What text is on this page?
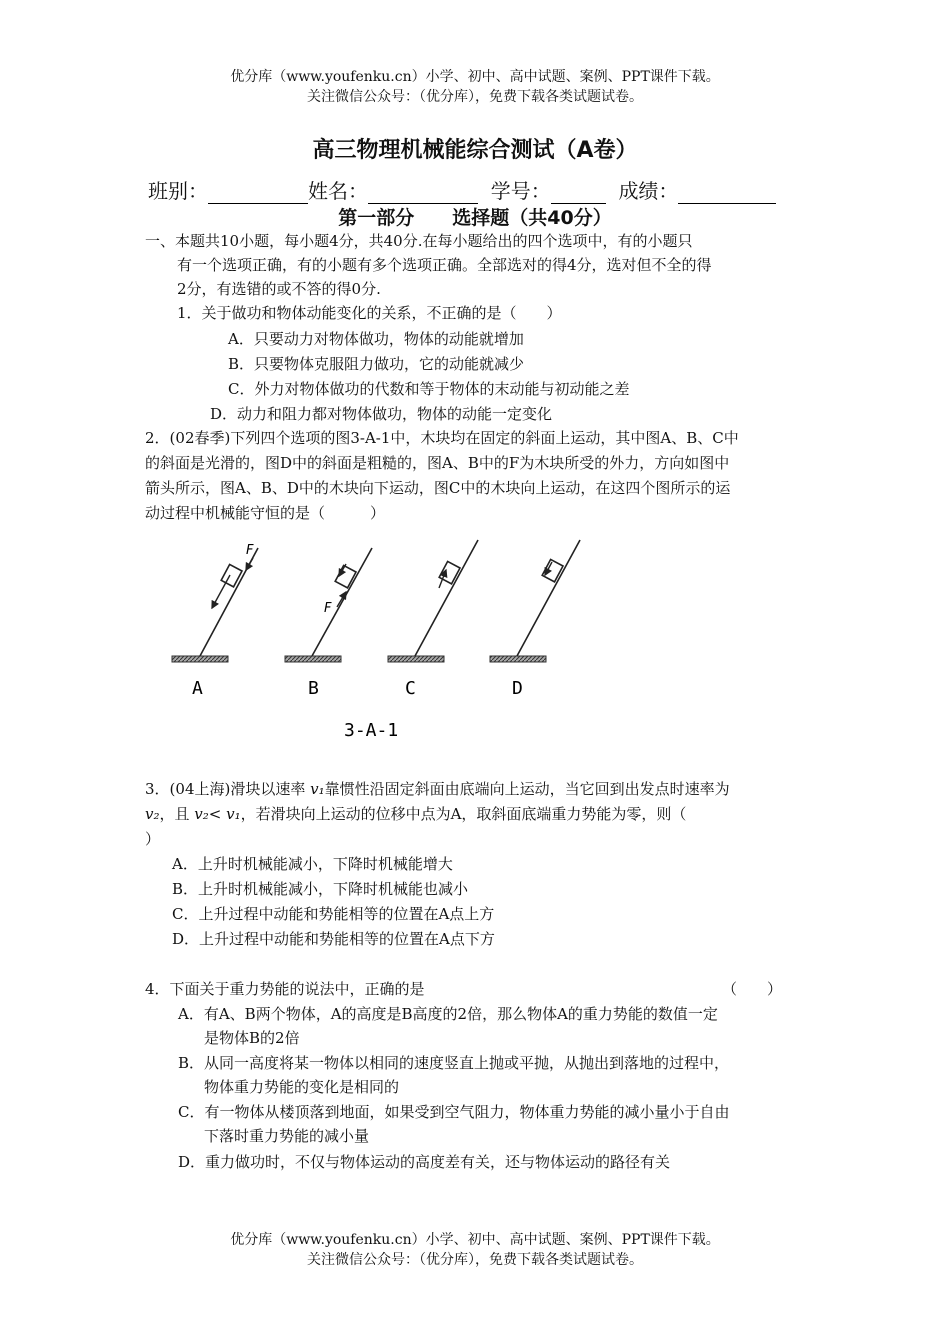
优分库（www.youfenku.cn）小学、初中、高中试题、案例、PPT课件下载。
关注微信公众号：（优分库），免费下载各类试题试卷。
高三物理机械能综合测试（A卷）
班别：	姓名：	学号：	成绩：
第一部分　　选择题（共40分）
一、本题共10小题，每小题4分，共40分.在每小题给出的四个选项中，有的小题只
有一个选项正确，有的小题有多个选项正确。全部选对的得4分，选对但不全的得
2分，有选错的或不答的得0分.
1．关于做功和物体动能变化的关系，不正确的是（　　）
A．只要动力对物体做功，物体的动能就增加
B．只要物体克服阻力做功，它的动能就减少
C．外力对物体做功的代数和等于物体的末动能与初动能之差
D．动力和阻力都对物体做功，物体的动能一定变化
2．(02春季)下列四个选项的图3-A-1中，木块均在固定的斜面上运动，其中图A、B、C中
的斜面是光滑的，图D中的斜面是粗糙的，图A、B中的F为木块所受的外力，方向如图中
箭头所示，图A、B、D中的木块向下运动，图C中的木块向上运动，在这四个图所示的运
动过程中机械能守恒的是（　　　）
F
F
A	B	C	D
3-A-1
3．(04上海)滑块以速率 v₁靠惯性沿固定斜面由底端向上运动，当它回到出发点时速率为
v₂，且 v₂< v₁，若滑块向上运动的位移中点为A，取斜面底端重力势能为零，则（
）
A．上升时机械能减小，下降时机械能增大
B．上升时机械能减小，下降时机械能也减小
C．上升过程中动能和势能相等的位置在A点上方
D．上升过程中动能和势能相等的位置在A点下方
4．下面关于重力势能的说法中，正确的是	（　　）
A．有A、B两个物体，A的高度是B高度的2倍，那么物体A的重力势能的数值一定
是物体B的2倍
B．从同一高度将某一物体以相同的速度竖直上抛或平抛，从抛出到落地的过程中，
物体重力势能的变化是相同的
C．有一物体从楼顶落到地面，如果受到空气阻力，物体重力势能的减小量小于自由
下落时重力势能的减小量
D．重力做功时，不仅与物体运动的高度差有关，还与物体运动的路径有关
优分库（www.youfenku.cn）小学、初中、高中试题、案例、PPT课件下载。
关注微信公众号：（优分库），免费下载各类试题试卷。
